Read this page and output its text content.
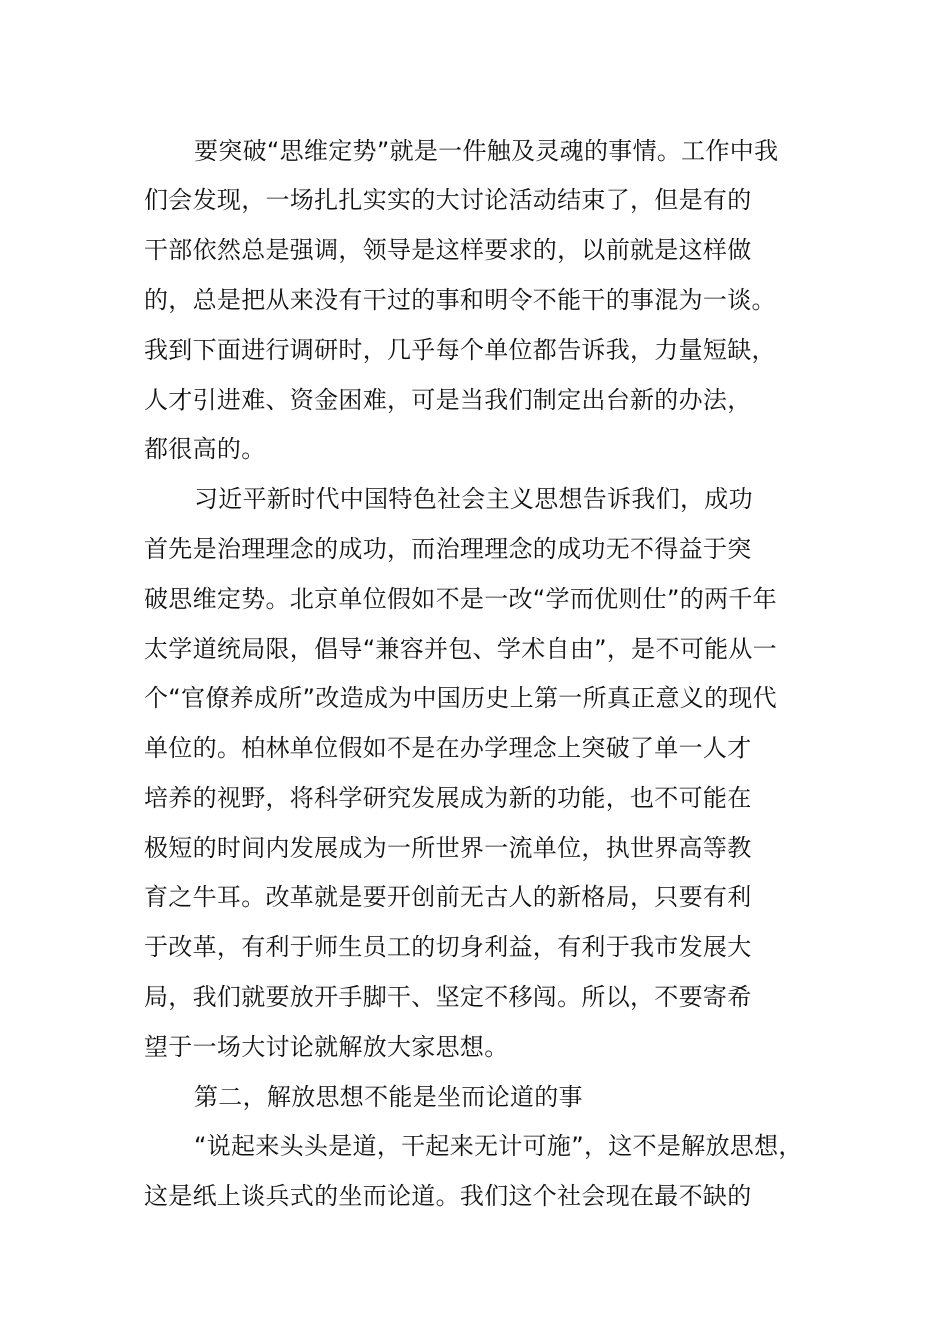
要突破“思维定势”就是一件触及灵魂的事情。工作中我
们会发现，一场扎扎实实的大讨论活动结束了，但是有的
干部依然总是强调，领导是这样要求的，以前就是这样做
的，总是把从来没有干过的事和明令不能干的事混为一谈。
我到下面进行调研时，几乎每个单位都告诉我，力量短缺，
人才引进难、资金困难，可是当我们制定出台新的办法，
都很高的。
习近平新时代中国特色社会主义思想告诉我们，成功
首先是治理理念的成功，而治理理念的成功无不得益于突
破思维定势。北京单位假如不是一改“学而优则仕”的两千年
太学道统局限，倡导“兼容并包、学术自由”，是不可能从一
个“官僚养成所”改造成为中国历史上第一所真正意义的现代
单位的。柏林单位假如不是在办学理念上突破了单一人才
培养的视野，将科学研究发展成为新的功能，也不可能在
极短的时间内发展成为一所世界一流单位，执世界高等教
育之牛耳。改革就是要开创前无古人的新格局，只要有利
于改革，有利于师生员工的切身利益，有利于我市发展大
局，我们就要放开手脚干、坚定不移闯。所以，不要寄希
望于一场大讨论就解放大家思想。
第二，解放思想不能是坐而论道的事
“说起来头头是道，干起来无计可施”，这不是解放思想，
这是纸上谈兵式的坐而论道。我们这个社会现在最不缺的
